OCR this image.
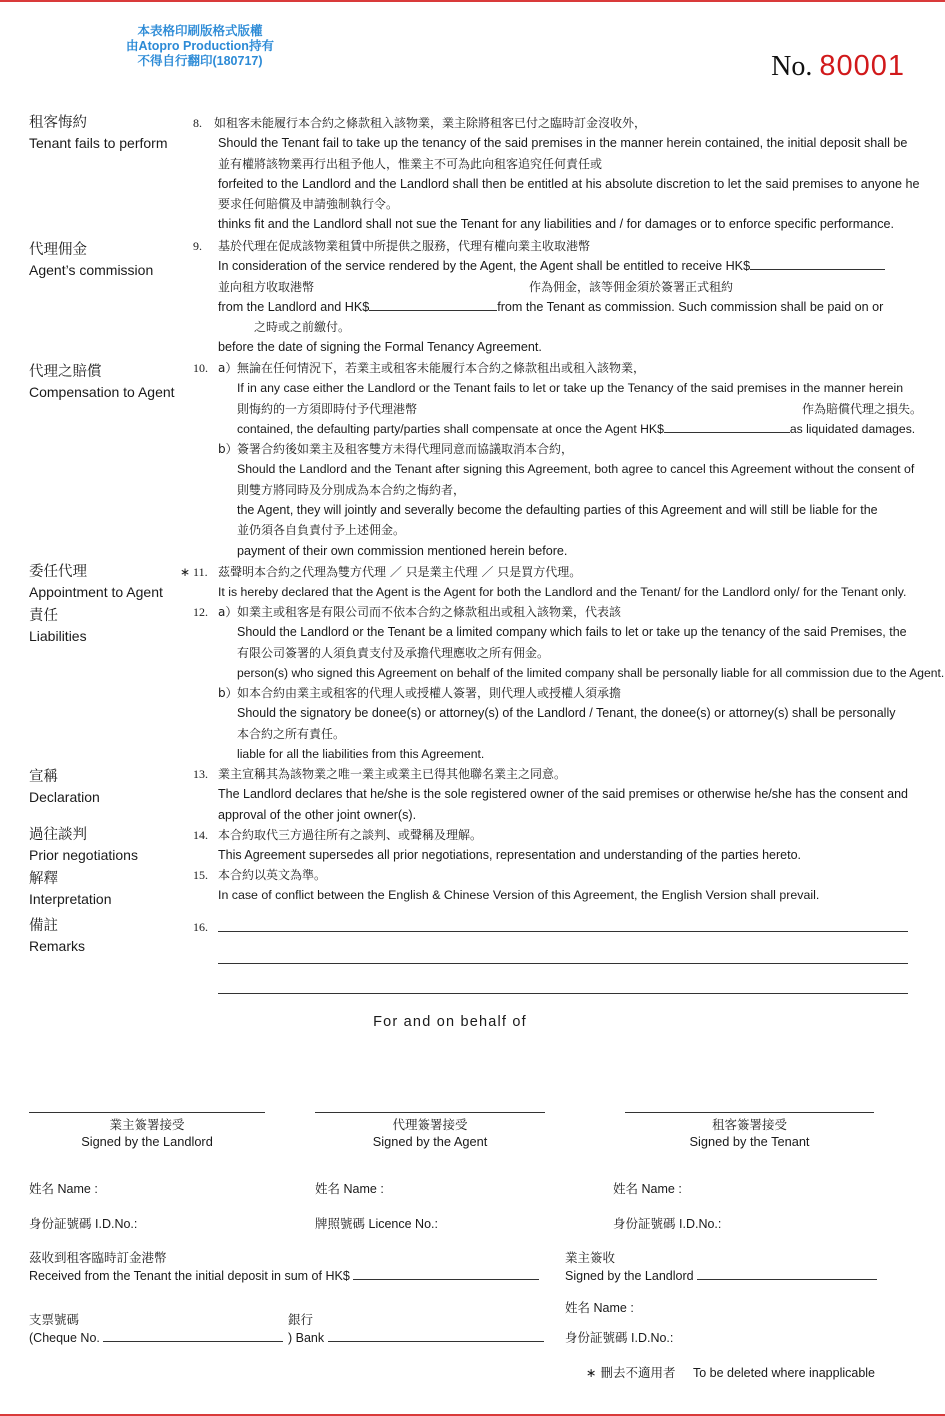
本表格印刷版格式版權
由Atopro Production持有
不得自行翻印(180717)	No. 80001
租客悔約
Tenant fails to perform
8. 如租客未能履行本合約之條款租入該物業，業主除將租客已付之臨時訂金沒收外，
Should the Tenant fail to take up the tenancy of the said premises in the manner herein contained, the initial deposit shall be
並有權將該物業再行出租予他人，惟業主不可為此向租客追究任何責任或
forfeited to the Landlord and the Landlord shall then be entitled at his absolute discretion to let the said premises to anyone he
要求任何賠償及申請強制執行令。
thinks fit and the Landlord shall not sue the Tenant for any liabilities and / for damages or to enforce specific performance.
代理佣金
Agent’s commission
9. 基於代理在促成該物業租賃中所提供之服務，代理有權向業主收取港幣
In consideration of the service rendered by the Agent, the Agent shall be entitled to receive HK$
並向租方收取港幣	作為佣金，該等佣金須於簽署正式租約
from the Landlord and HK$	from the Tenant as commission. Such commission shall be paid on or
之時或之前繳付。
before the date of signing the Formal Tenancy Agreement.
代理之賠償
Compensation to Agent
10. a） 無論在任何情況下，若業主或租客未能履行本合約之條款租出或租入該物業，
If in any case either the Landlord or the Tenant fails to let or take up the Tenancy of the said premises in the manner herein
則悔約的一方須即時付予代理港幣	作為賠償代理之損失。
contained, the defaulting party/parties shall compensate at once the Agent HK$	as liquidated damages.
b） 簽署合約後如業主及租客雙方未得代理同意而協議取消本合約，
Should the Landlord and the Tenant after signing this Agreement, both agree to cancel this Agreement without the consent of
則雙方將同時及分別成為本合約之悔約者，
the Agent, they will jointly and severally become the defaulting parties of this Agreement and will still be liable for the
並仍須各自負責付予上述佣金。
payment of their own commission mentioned herein before.
委任代理
Appointment to Agent
∗ 11. 茲聲明本合約之代理為雙方代理 ／ 只是業主代理 ／ 只是買方代理。
It is hereby declared that the Agent is the Agent for both the Landlord and the Tenant/ for the Landlord only/ for the Tenant only.
責任
Liabilities
12. a） 如業主或租客是有限公司而不依本合約之條款租出或租入該物業，代表該
Should the Landlord or the Tenant be a limited company which fails to let or take up the tenancy of the said Premises, the
有限公司簽署的人須負責支付及承擔代理應收之所有佣金。
person(s) who signed this Agreement on behalf of the limited company shall be personally liable for all commission due to the Agent.
b） 如本合約由業主或租客的代理人或授權人簽署，則代理人或授權人須承擔
Should the signatory be donee(s) or attorney(s) of the Landlord / Tenant, the donee(s) or attorney(s) shall be personally
本合約之所有責任。
liable for all the liabilities from this Agreement.
宣稱
Declaration
13. 業主宣稱其為該物業之唯一業主或業主已得其他聯名業主之同意。
The Landlord declares that he/she is the sole registered owner of the said premises or otherwise he/she has the consent and
approval of the other joint owner(s).
過往談判
Prior negotiations
14. 本合約取代三方過往所有之談判、或聲稱及理解。
This Agreement supersedes all prior negotiations, representation and understanding of the parties hereto.
解釋
Interpretation
15. 本合約以英文為準。
In case of conflict between the English & Chinese Version of this Agreement, the English Version shall prevail.
備註
Remarks
16.
For and on behalf of
業主簽署接受
Signed by the Landlord
代理簽署接受
Signed by the Agent
租客簽署接受
Signed by the Tenant
姓名 Name :	姓名 Name :	姓名 Name :
身份証號碼 I.D.No.:	牌照號碼 Licence No.:	身份証號碼 I.D.No.:
茲收到租客臨時訂金港幣
Received from the Tenant the initial deposit in sum of HK$
業主簽收
Signed by the Landlord
支票號碼
(Cheque No.
銀行
) Bank
姓名 Name :
身份証號碼 I.D.No.:
∗ 刪去不適用者 To be deleted where inapplicable
